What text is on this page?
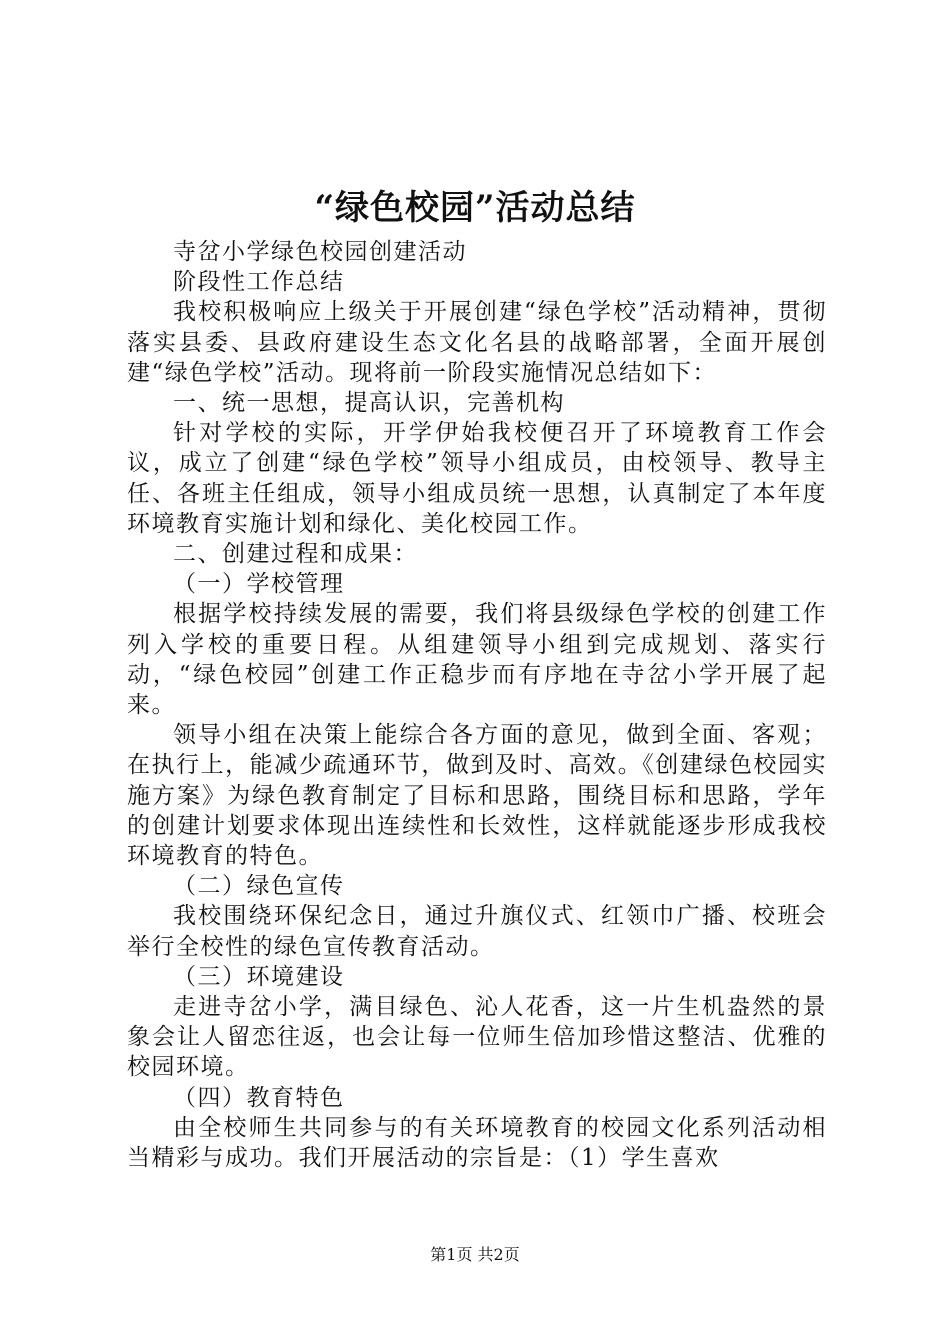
“绿色校园”活动总结

寺岔小学绿色校园创建活动

阶段性工作总结

我校积极响应上级关于开展创建“绿色学校”活动精神，贯彻落实县委、县政府建设生态文化名县的战略部署，全面开展创建“绿色学校”活动。现将前一阶段实施情况总结如下：

一、统一思想，提高认识，完善机构

针对学校的实际，开学伊始我校便召开了环境教育工作会议，成立了创建“绿色学校”领导小组成员，由校领导、教导主任、各班主任组成，领导小组成员统一思想，认真制定了本年度环境教育实施计划和绿化、美化校园工作。

二、创建过程和成果：

（一）学校管理

根据学校持续发展的需要，我们将县级绿色学校的创建工作列入学校的重要日程。从组建领导小组到完成规划、落实行动，“绿色校园”创建工作正稳步而有序地在寺岔小学开展了起来。

领导小组在决策上能综合各方面的意见，做到全面、客观；在执行上，能减少疏通环节，做到及时、高效。《创建绿色校园实施方案》为绿色教育制定了目标和思路，围绕目标和思路，学年的创建计划要求体现出连续性和长效性，这样就能逐步形成我校环境教育的特色。

（二）绿色宣传

我校围绕环保纪念日，通过升旗仪式、红领巾广播、校班会举行全校性的绿色宣传教育活动。

（三）环境建设

走进寺岔小学，满目绿色、沁人花香，这一片生机盎然的景象会让人留恋往返，也会让每一位师生倍加珍惜这整洁、优雅的校园环境。

（四）教育特色

由全校师生共同参与的有关环境教育的校园文化系列活动相当精彩与成功。我们开展活动的宗旨是：（1）学生喜欢

第1页 共2页
